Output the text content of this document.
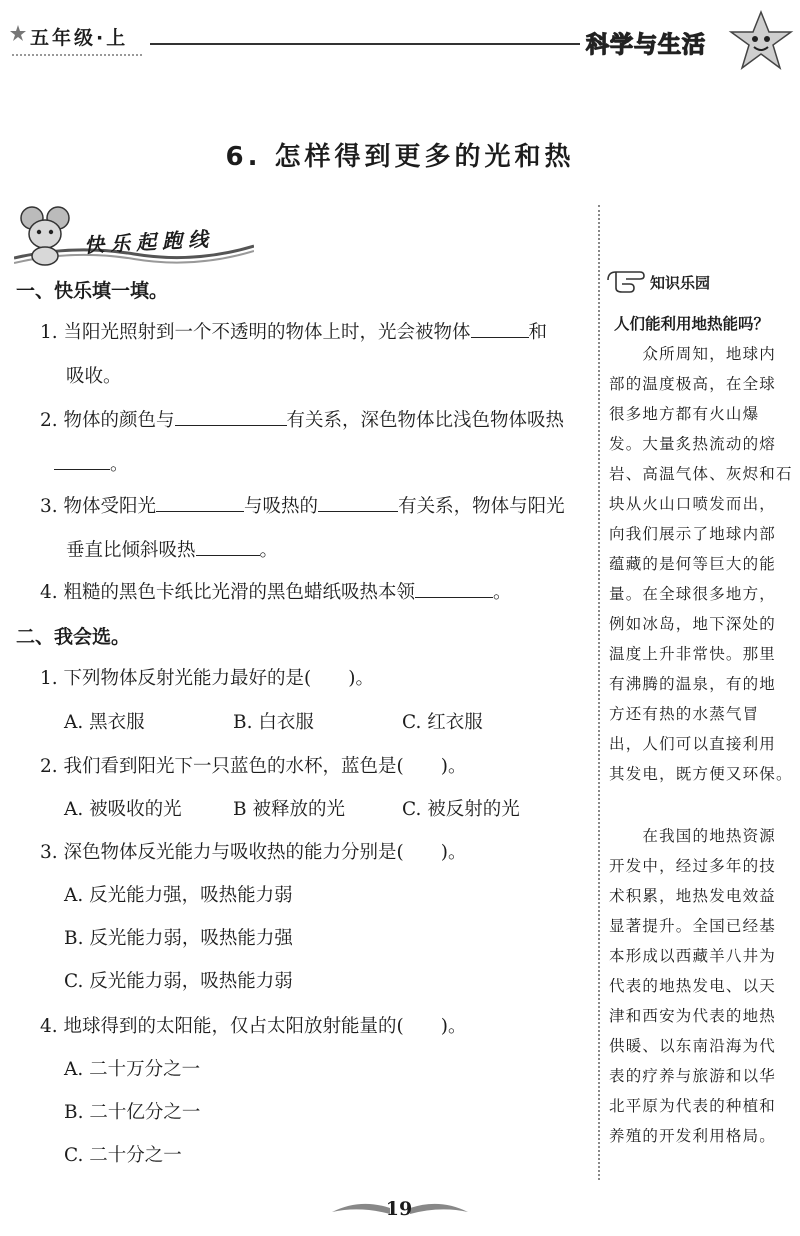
五年级·上	科学与生活
6. 怎样得到更多的光和热
快乐起跑线
一、快乐填一填。
1. 当阳光照射到一个不透明的物体上时，光会被物体	和
吸收。
2. 物体的颜色与	有关系，深色物体比浅色物体吸热
。
3. 物体受阳光	与吸热的	有关系，物体与阳光
垂直比倾斜吸热	。
4. 粗糙的黑色卡纸比光滑的黑色蜡纸吸热本领	。
二、我会选。
1. 下列物体反射光能力最好的是(　　)。
A. 黑衣服	B. 白衣服	C. 红衣服
2. 我们看到阳光下一只蓝色的水杯，蓝色是(　　)。
A. 被吸收的光	B 被释放的光	C. 被反射的光
3. 深色物体反光能力与吸收热的能力分别是(　　)。
A. 反光能力强，吸热能力弱
B. 反光能力弱，吸热能力强
C. 反光能力弱，吸热能力弱
4. 地球得到的太阳能，仅占太阳放射能量的(　　)。
A. 二十万分之一
B. 二十亿分之一
C. 二十分之一
知识乐园
人们能利用地热能吗？
　　众所周知，地球内
部的温度极高，在全球
很多地方都有火山爆
发。大量炙热流动的熔
岩、高温气体、灰烬和石
块从火山口喷发而出，
向我们展示了地球内部
蕴藏的是何等巨大的能
量。在全球很多地方，
例如冰岛，地下深处的
温度上升非常快。那里
有沸腾的温泉，有的地
方还有热的水蒸气冒
出，人们可以直接利用
其发电，既方便又环保。
　　在我国的地热资源
开发中，经过多年的技
术积累，地热发电效益
显著提升。全国已经基
本形成以西藏羊八井为
代表的地热发电、以天
津和西安为代表的地热
供暖、以东南沿海为代
表的疗养与旅游和以华
北平原为代表的种植和
养殖的开发利用格局。
19
